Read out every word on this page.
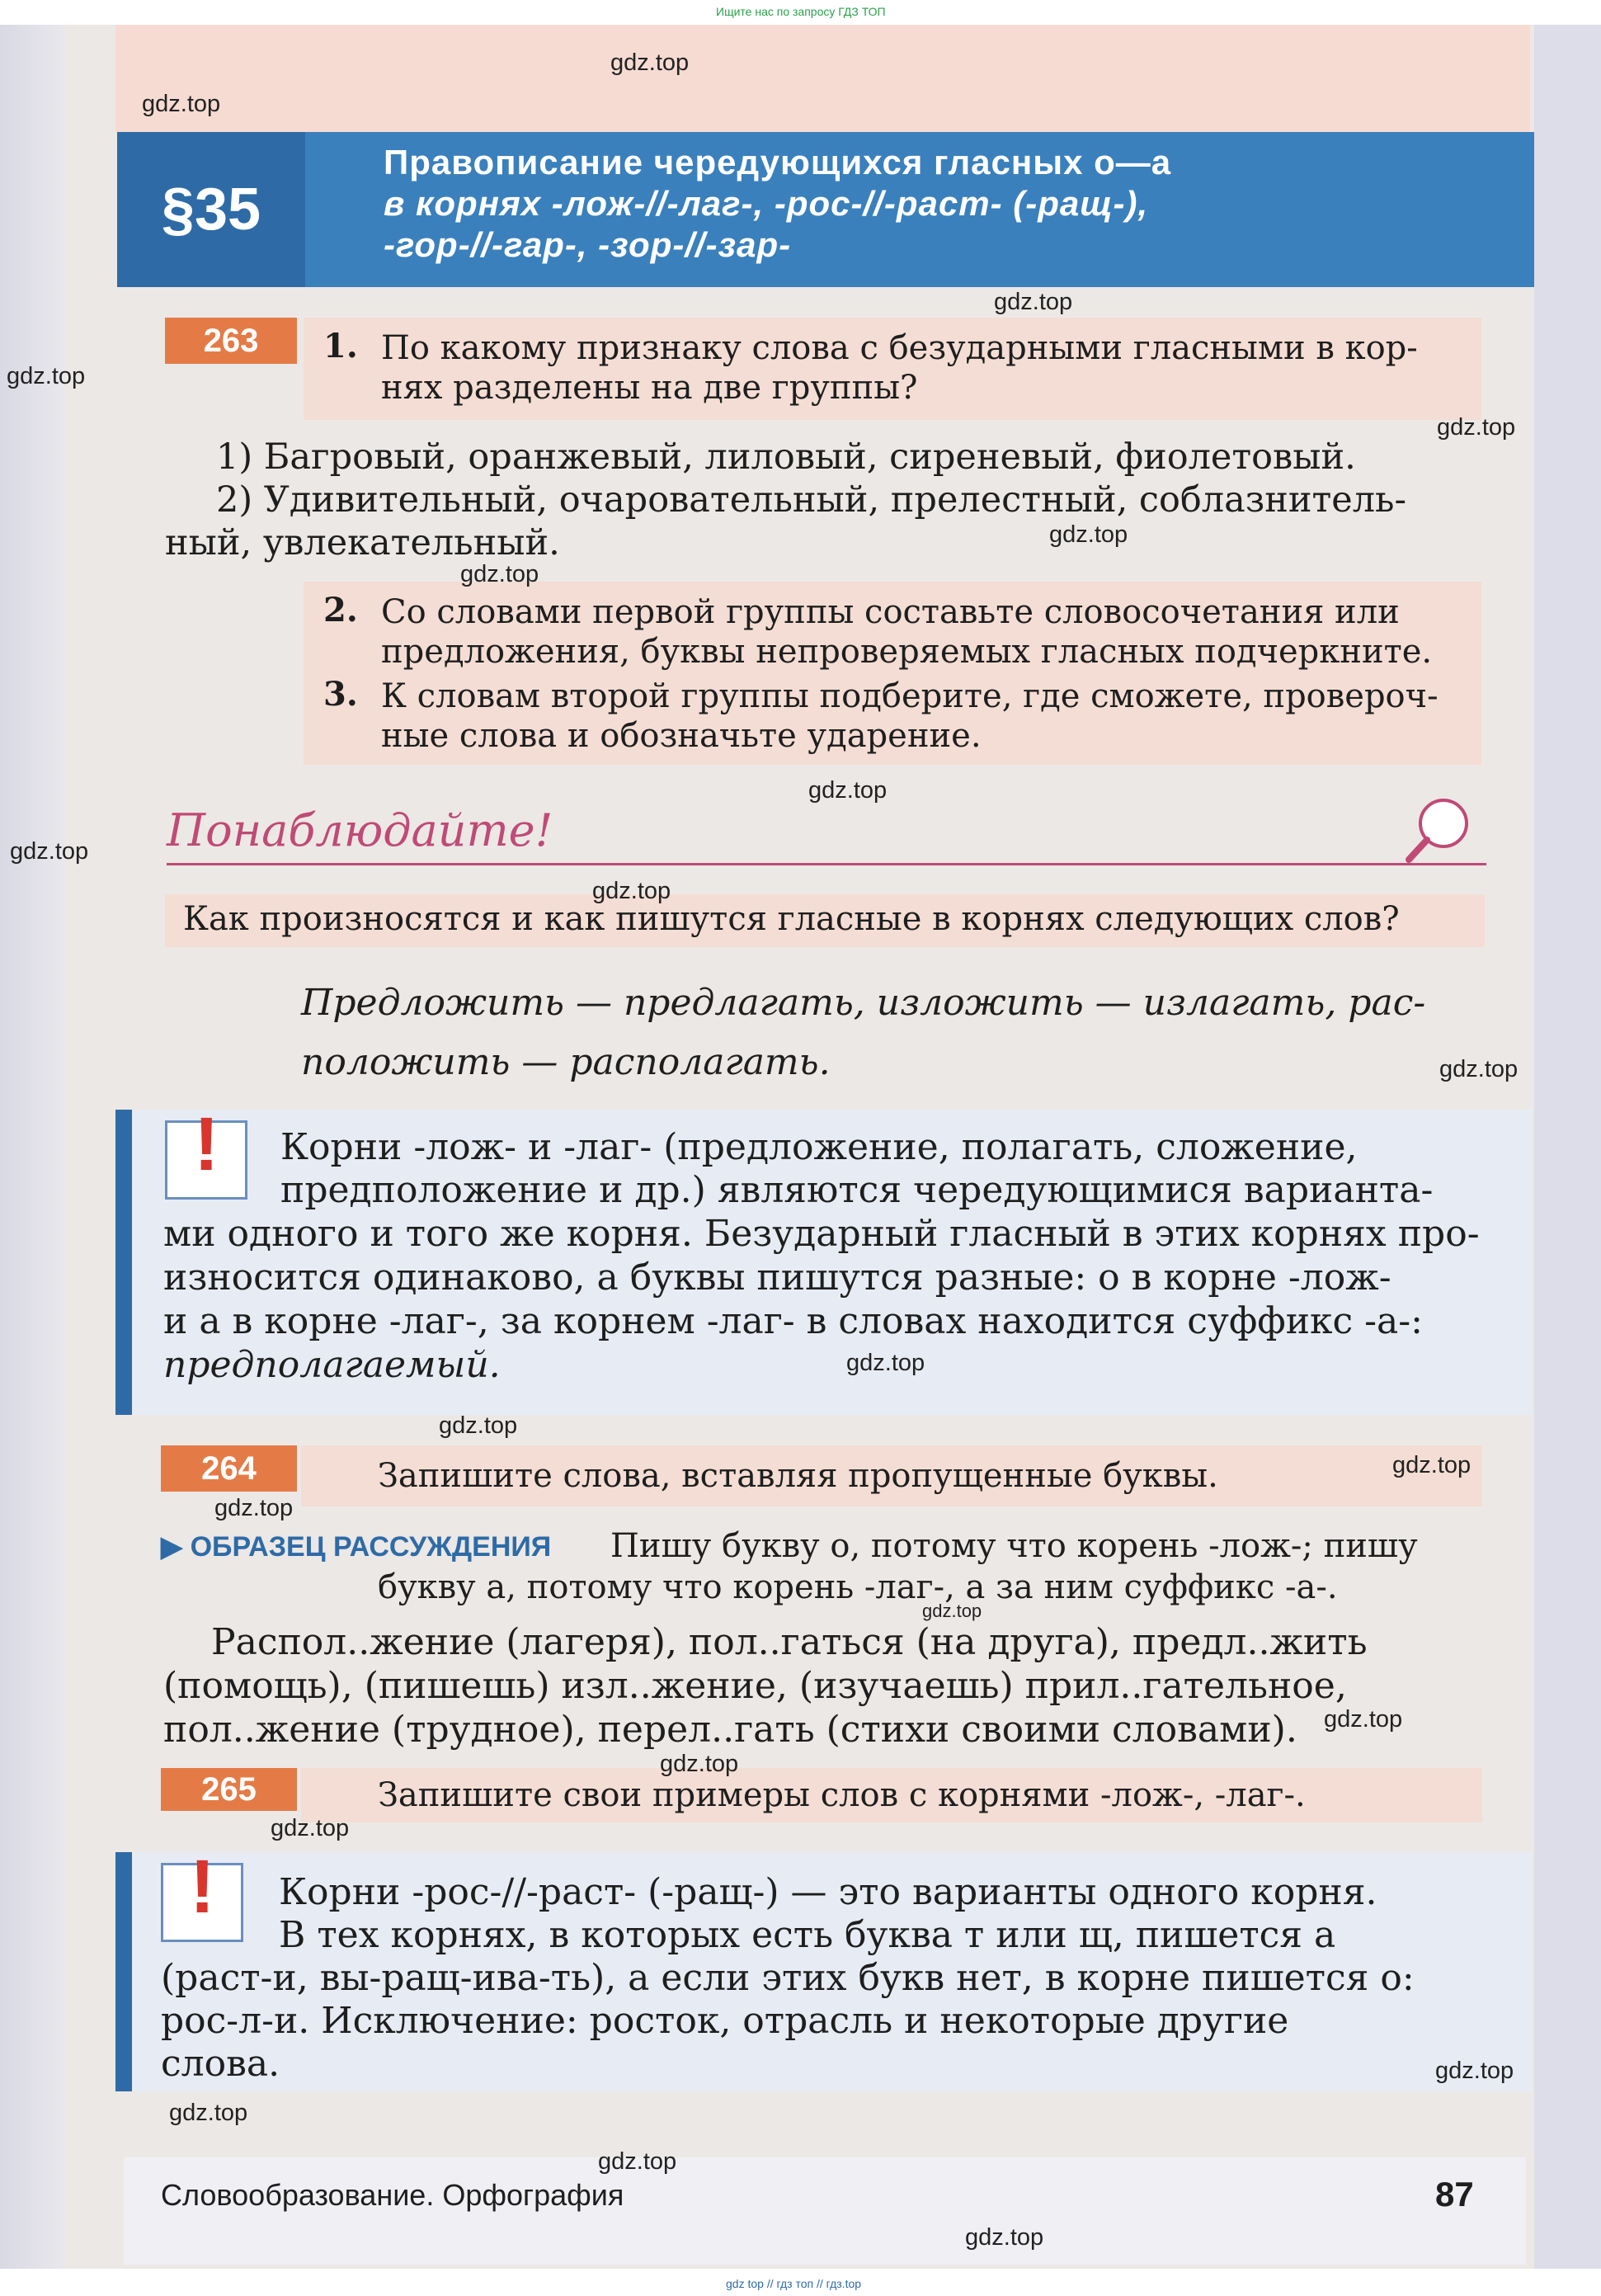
Ищите нас по запросу ГДЗ ТОП
§35
Правописание чередующихся гласных о—а
в корнях -лож-//-лаг-, -рос-//-раст- (-ращ-),
-гор-//-гар-, -зор-//-зар-
263	1. По какому признаку слова с безударными гласными в кор-
нях разделены на две группы?
1) Багровый, оранжевый, лиловый, сиреневый, фиолетовый.
2) Удивительный, очаровательный, прелестный, соблазнитель-
ный, увлекательный.
2. Со словами первой группы составьте словосочетания или
предложения, буквы непроверяемых гласных подчеркните.
3. К словам второй группы подберите, где сможете, провероч-
ные слова и обозначьте ударение.
Понаблюдайте!
Как произносятся и как пишутся гласные в корнях следующих слов?
Предложить — предлагать, изложить — излагать, рас-
положить — располагать.
! Корни -лож- и -лаг- (предложение, полагать, сложение,
предположение и др.) являются чередующимися варианта-
ми одного и того же корня. Безударный гласный в этих корнях про-
износится одинаково, а буквы пишутся разные: о в корне -лож-
и а в корне -лаг-, за корнем -лаг- в словах находится суффикс -а-:
предполагаемый.
264	Запишите слова, вставляя пропущенные буквы.
▶ ОБРАЗЕЦ РАССУЖДЕНИЯ Пишу букву о, потому что корень -лож-; пишу
букву а, потому что корень -лаг-, а за ним суффикс -а-.
Распол..жение (лагеря), пол..гаться (на друга), предл..жить
(помощь), (пишешь) изл..жение, (изучаешь) прил..гательное,
пол..жение (трудное), перел..гать (стихи своими словами).
265	Запишите свои примеры слов с корнями -лож-, -лаг-.
! Корни -рос-//-раст- (-ращ-) — это варианты одного корня.
В тех корнях, в которых есть буква т или щ, пишется а
(раст-и, вы-ращ-ива-ть), а если этих букв нет, в корне пишется о:
рос-л-и. Исключение: росток, отрасль и некоторые другие
слова.
Словообразование. Орфография	87
gdz top // гдз топ // гдз.top
gdz.top
gdz.top
gdz.top
gdz.top
gdz.top
gdz.top
gdz.top
gdz.top
gdz.top
gdz.top
gdz.top
gdz.top
gdz.top
gdz.top
gdz.top
gdz.top
gdz.top
gdz.top
gdz.top
gdz.top
gdz.top
gdz.top
gdz.top
